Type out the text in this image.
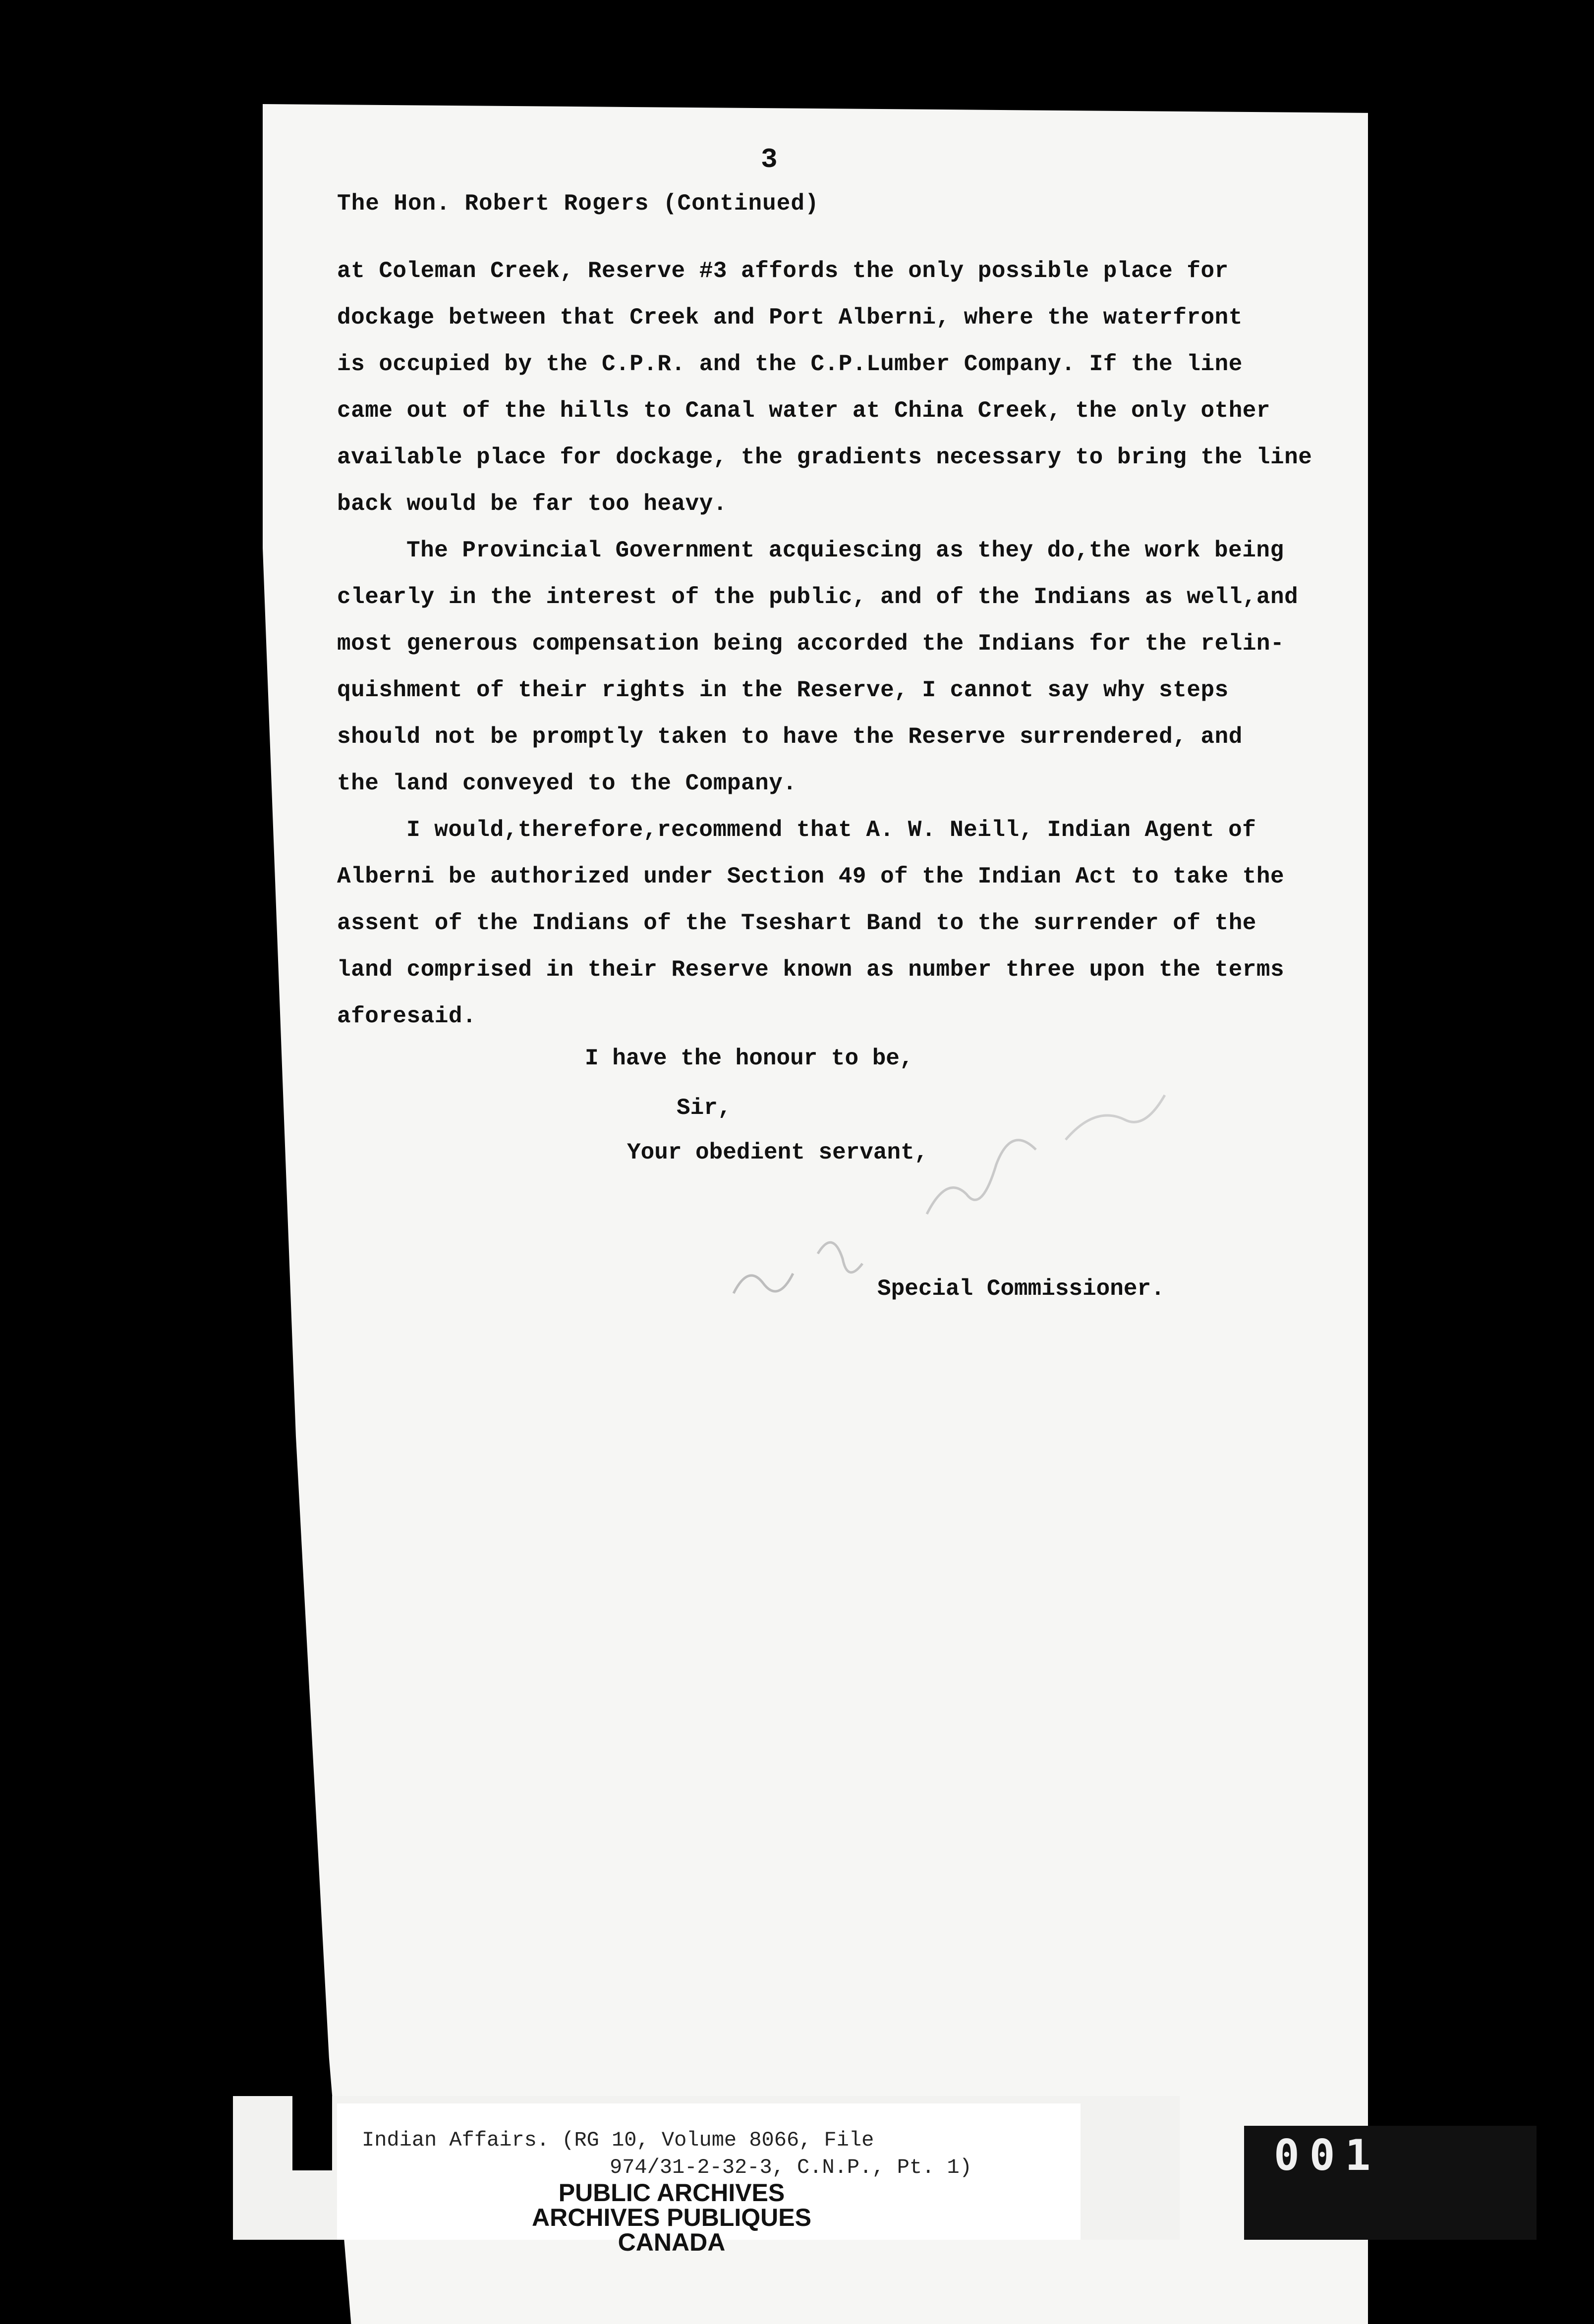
3
The Hon. Robert Rogers (Continued)
at Coleman Creek, Reserve #3 affords the only possible place for
dockage between that Creek and Port Alberni, where the waterfront
is occupied by the C.P.R. and the C.P.Lumber Company. If the line
came out of the hills to Canal water at China Creek, the only other
available place for dockage, the gradients necessary to bring the line
back would be far too heavy.
The Provincial Government acquiescing as they do,the work being
clearly in the interest of the public, and of the Indians as well,and
most generous compensation being accorded the Indians for the relin-
quishment of their rights in the Reserve, I cannot say why steps
should not be promptly taken to have the Reserve surrendered, and
the land conveyed to the Company.
I would,therefore,recommend that A. W. Neill, Indian Agent of
Alberni be authorized under Section 49 of the Indian Act to take the
assent of the Indians of the Tseshart Band to the surrender of the
land comprised in their Reserve known as number three upon the terms
aforesaid.
I have the honour to be,
Sir,
Your obedient servant,
Special Commissioner.
Indian Affairs. (RG 10, Volume 8066, File
974/31-2-32-3, C.N.P., Pt. 1)
PUBLIC ARCHIVES
ARCHIVES PUBLIQUES
CANADA
001
